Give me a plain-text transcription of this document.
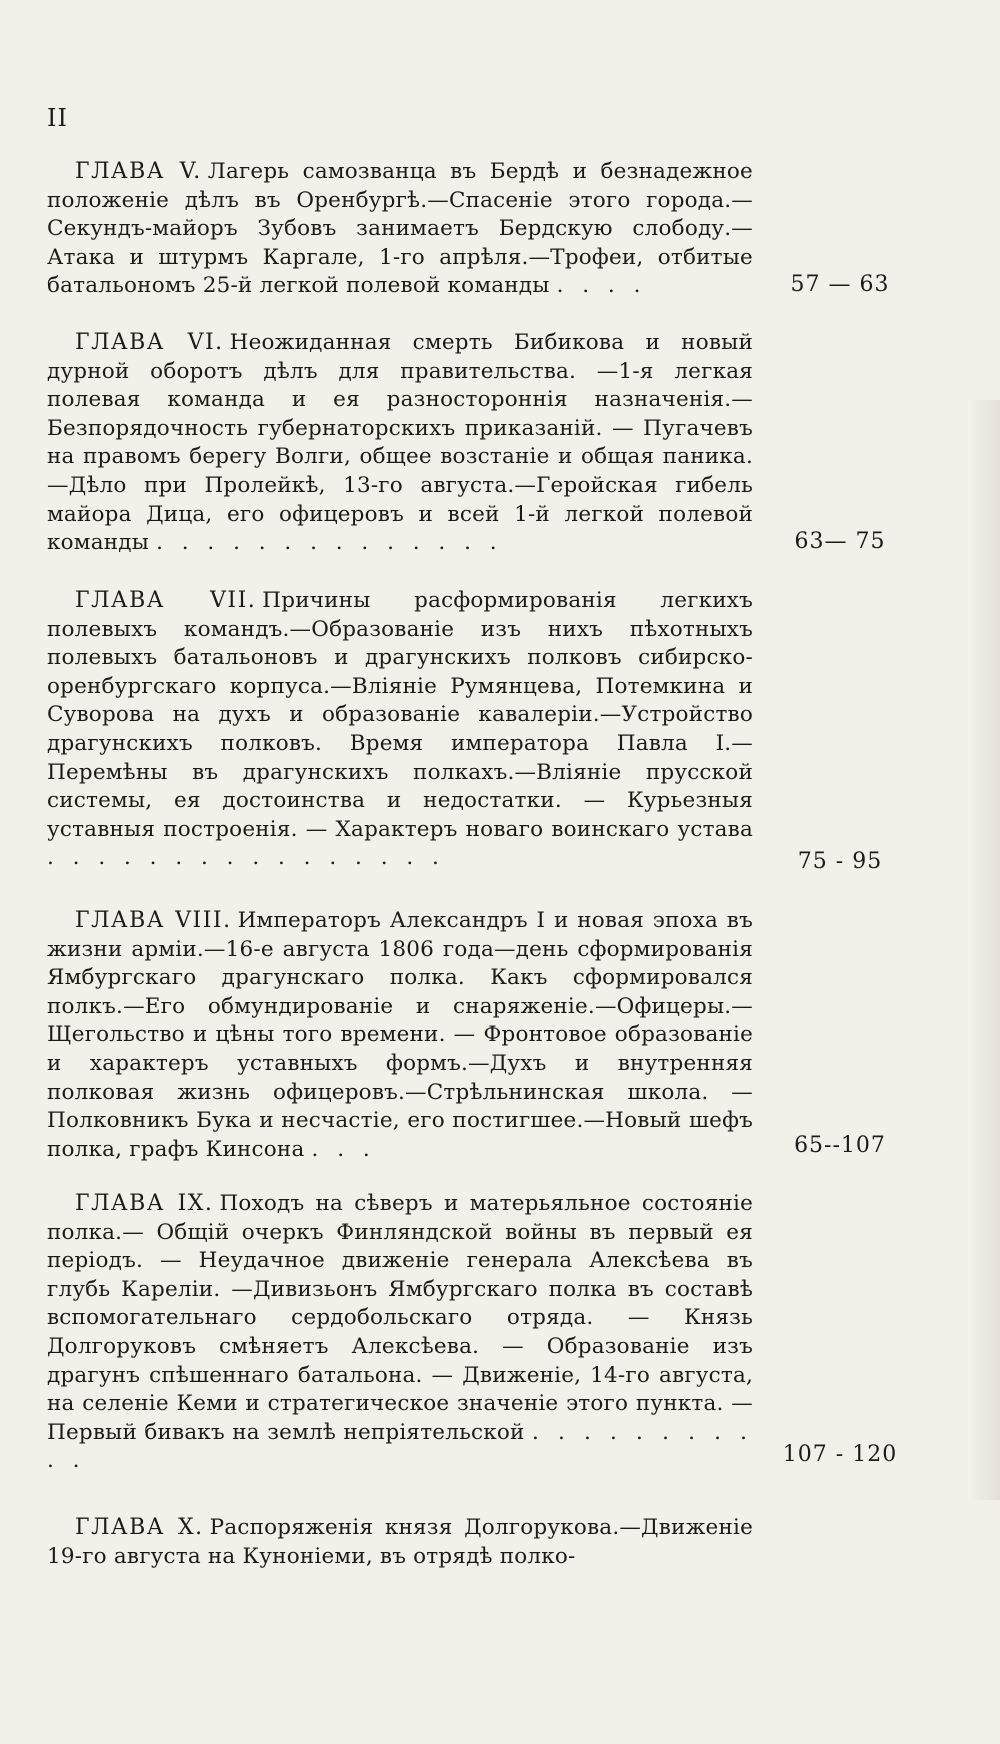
II

ГЛАВА V. Лагерь самозванца въ Бердѣ и безнадежное положеніе дѣлъ въ Оренбургѣ.—Спасеніе этого города.—Секундъ-майоръ Зубовъ занимаетъ Бердскую слободу.—Атака и штурмъ Каргале, 1-го апрѣля.—Трофеи, отбитые батальономъ 25-й легкой полевой команды . . . .

ГЛАВА VI. Неожиданная смерть Бибикова и новый дурной оборотъ дѣлъ для правительства. —1-я легкая полевая команда и ея разностороннія назначенія.—Безпорядочность губернаторскихъ приказаній. — Пугачевъ на правомъ берегу Волги, общее возстаніе и общая паника.—Дѣло при Пролейкѣ, 13-го августа.—Геройская гибель майора Дица, его офицеровъ и всей 1-й легкой полевой команды . . . . . . . . . . . . . .

ГЛАВА VII. Причины расформированія легкихъ полевыхъ командъ.—Образованіе изъ нихъ пѣхотныхъ полевыхъ батальоновъ и драгунскихъ полковъ сибирско-оренбургскаго корпуса.—Вліяніе Румянцева, Потемкина и Суворова на духъ и образованіе кавалеріи.—Устройство драгунскихъ полковъ. Время императора Павла I.—Перемѣны въ драгунскихъ полкахъ.—Вліяніе прусской системы, ея достоинства и недостатки. — Курьезныя уставныя построенія. — Характеръ новаго воинскаго устава . . . . . . . . . . . . . . . .

ГЛАВА VIII. Императоръ Александръ I и новая эпоха въ жизни арміи.—16-е августа 1806 года—день сформированія Ямбургскаго драгунскаго полка. Какъ сформировался полкъ.—Его обмундированіе и снаряженіе.—Офицеры.— Щегольство и цѣны того времени. — Фронтовое образованіе и характеръ уставныхъ формъ.—Духъ и внутренняя полковая жизнь офицеровъ.—Стрѣльнинская школа. —Полковникъ Бука и несчастіе, его постигшее.—Новый шефъ полка, графъ Кинсона . . .

ГЛАВА IX. Походъ на сѣверъ и матерьяльное состояніе полка.— Общій очеркъ Финляндской войны въ первый ея періодъ. — Неудачное движеніе генерала Алексѣева въ глубь Кареліи. —Дивизьонъ Ямбургскаго полка въ составѣ вспомогательнаго сердобольскаго отряда. — Князь Долгоруковъ смѣняетъ Алексѣева. — Образованіе изъ драгунъ спѣшеннаго батальона. — Движеніе, 14-го августа, на селеніе Кеми и стратегическое значеніе этого пункта. — Первый бивакъ на землѣ непріятельской . . . . . . . . . . .

ГЛАВА X. Распоряженія князя Долгорукова.—Движеніе 19-го августа на Куноніеми, въ отрядѣ полко-

57 — 63
63— 75
75 - 95
65--107
107 - 120
